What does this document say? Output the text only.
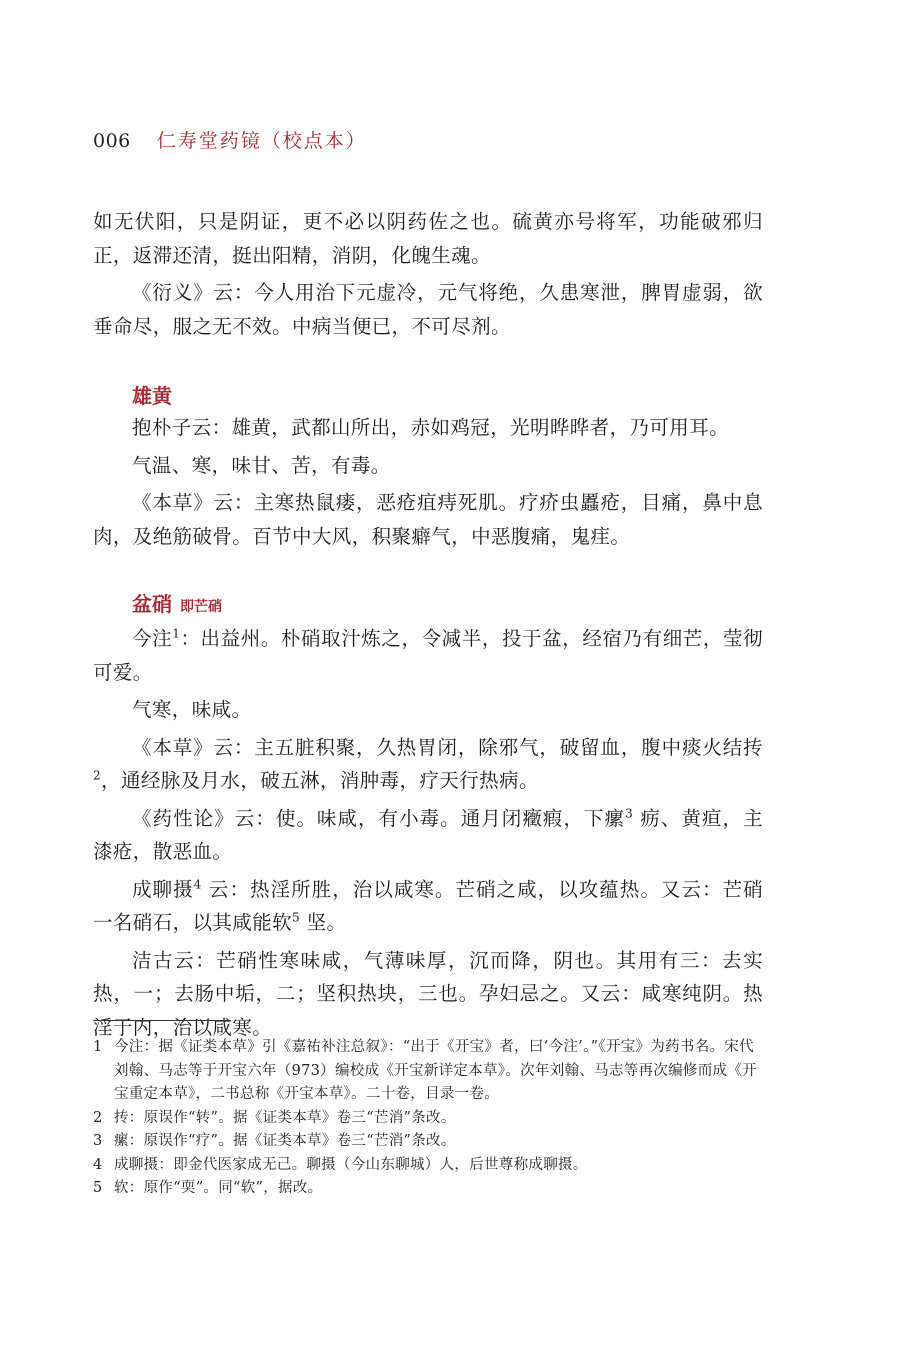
006 仁寿堂药镜（校点本）

如无伏阳，只是阴证，更不必以阴药佐之也。硫黄亦号将军，功能破邪归正，返滞还清，挺出阳精，消阴，化魄生魂。

《衍义》云：今人用治下元虚冷，元气将绝，久患寒泄，脾胃虚弱，欲垂命尽，服之无不效。中病当便已，不可尽剂。

雄黄

抱朴子云：雄黄，武都山所出，赤如鸡冠，光明晔晔者，乃可用耳。

气温、寒，味甘、苦，有毒。

《本草》云：主寒热鼠瘘，恶疮疽痔死肌。疗疥虫䘌疮，目痛，鼻中息肉，及绝筋破骨。百节中大风，积聚癖气，中恶腹痛，鬼疰。

盆硝 即芒硝

今注$^1$：出益州。朴硝取汁炼之，令减半，投于盆，经宿乃有细芒，莹彻可爱。

气寒，味咸。

《本草》云：主五脏积聚，久热胃闭，除邪气，破留血，腹中痰火结抟$^2$，通经脉及月水，破五淋，消肿毒，疗天行热病。

《药性论》云：使。味咸，有小毒。通月闭癥瘕，下瘰$^3$ 疬、黄疸，主漆疮，散恶血。

成聊摄$^4$ 云：热淫所胜，治以咸寒。芒硝之咸，以攻蕴热。又云：芒硝一名硝石，以其咸能软$^5$ 坚。

洁古云：芒硝性寒味咸，气薄味厚，沉而降，阴也。其用有三：去实热，一；去肠中垢，二；坚积热块，三也。孕妇忌之。又云：咸寒纯阴。热淫于内，治以咸寒。

1 今注：据《证类本草》引《嘉祐补注总叙》：“出于《开宝》者，曰‘今注’。”《开宝》为药书名。宋代刘翰、马志等于开宝六年（973）编校成《开宝新详定本草》。次年刘翰、马志等再次编修而成《开宝重定本草》，二书总称《开宝本草》。二十卷，目录一卷。
2 抟：原误作“转”。据《证类本草》卷三“芒消”条改。
3 瘰：原误作“疗”。据《证类本草》卷三“芒消”条改。
4 成聊摄：即金代医家成无己。聊摄（今山东聊城）人，后世尊称成聊摄。
5 软：原作“耎”。同“软”，据改。
